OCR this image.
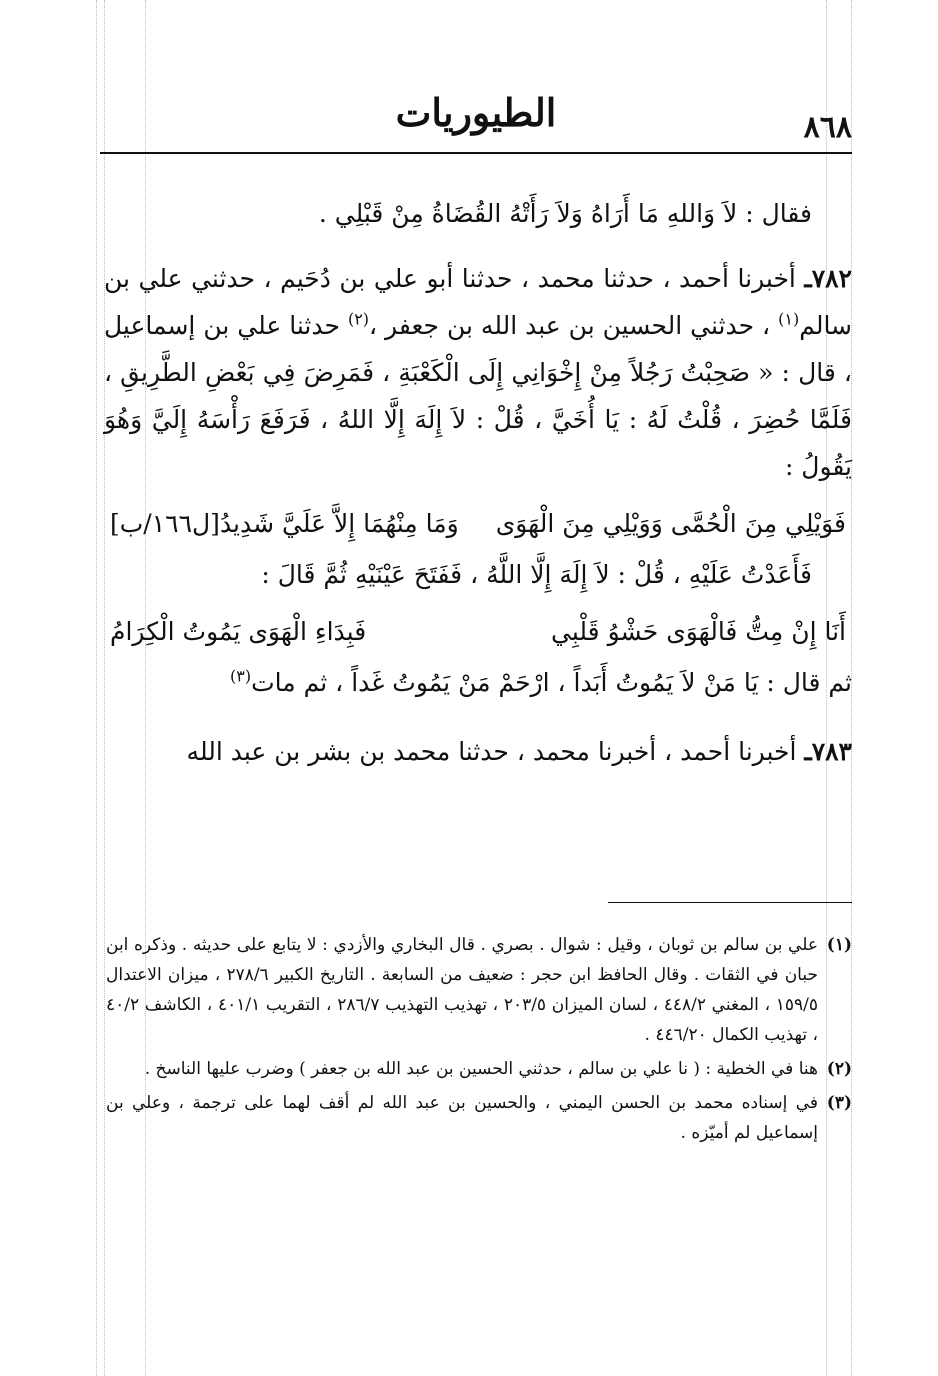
٨٦٨
الطيوريات

فقال : لاَ وَاللهِ مَا أَرَاهُ وَلاَ رَأَتْهُ القُضَاةُ مِنْ قَبْلِي .

٧٨٢ـ أخبرنا أحمد ، حدثنا محمد ، حدثنا أبو علي بن دُحَيم ، حدثني علي بن سالم$^{(١)}$ ، حدثني الحسين بن عبد الله بن جعفر ،$^{(٢)}$ حدثنا علي بن إسماعيل ، قال : « صَحِبْتُ رَجُلاً مِنْ إِخْوَانِي إِلَى الْكَعْبَةِ ، فَمَرِضَ فِي بَعْضِ الطَّرِيقِ ، فَلَمَّا حُضِرَ ، قُلْتُ لَهُ : يَا أُخَيَّ ، قُلْ : لاَ إِلَهَ إِلَّا اللهُ ، فَرَفَعَ رَأْسَهُ إِلَيَّ وَهُوَ يَقُولُ :

فَوَيْلِي مِنَ الْحُمَّى وَوَيْلِي مِنَ الْهَوَى
وَمَا مِنْهُمَا إِلاَّ عَلَيَّ شَدِيدُ[ل١٦٦/ب]

فَأَعَدْتُ عَلَيْهِ ، قُلْ : لاَ إِلَهَ إِلَّا اللَّهُ ، فَفَتَحَ عَيْنَيْهِ ثُمَّ قَالَ :

أَنَا إِنْ مِتُّ فَالْهَوَى حَشْوُ قَلْبِي
فَبِدَاءِ الْهَوَى يَمُوتُ الْكِرَامُ

ثم قال : يَا مَنْ لاَ يَمُوتُ أَبَداً ، ارْحَمْ مَنْ يَمُوتُ غَداً ، ثم مات$^{(٣)}$

٧٨٣ـ أخبرنا أحمد ، أخبرنا محمد ، حدثنا محمد بن بشر بن عبد الله

(١)
علي بن سالم بن ثوبان ، وقيل : شوال . بصري . قال البخاري والأزدي : لا يتابع على حديثه . وذكره ابن حبان في الثقات . وقال الحافظ ابن حجر : ضعيف من السابعة . التاريخ الكبير ٢٧٨/٦ ، ميزان الاعتدال ١٥٩/٥ ، المغني ٤٤٨/٢ ، لسان الميزان ٢٠٣/٥ ، تهذيب التهذيب ٢٨٦/٧ ، التقريب ٤٠١/١ ، الكاشف ٤٠/٢ ، تهذيب الكمال ٤٤٦/٢٠ .
(٢)
هنا في الخطية : ( نا علي بن سالم ، حدثني الحسين بن عبد الله بن جعفر ) وضرب عليها الناسخ .
(٣)
في إسناده محمد بن الحسن اليمني ، والحسين بن عبد الله لم أقف لهما على ترجمة ، وعلي بن إسماعيل لم أميّزه .
